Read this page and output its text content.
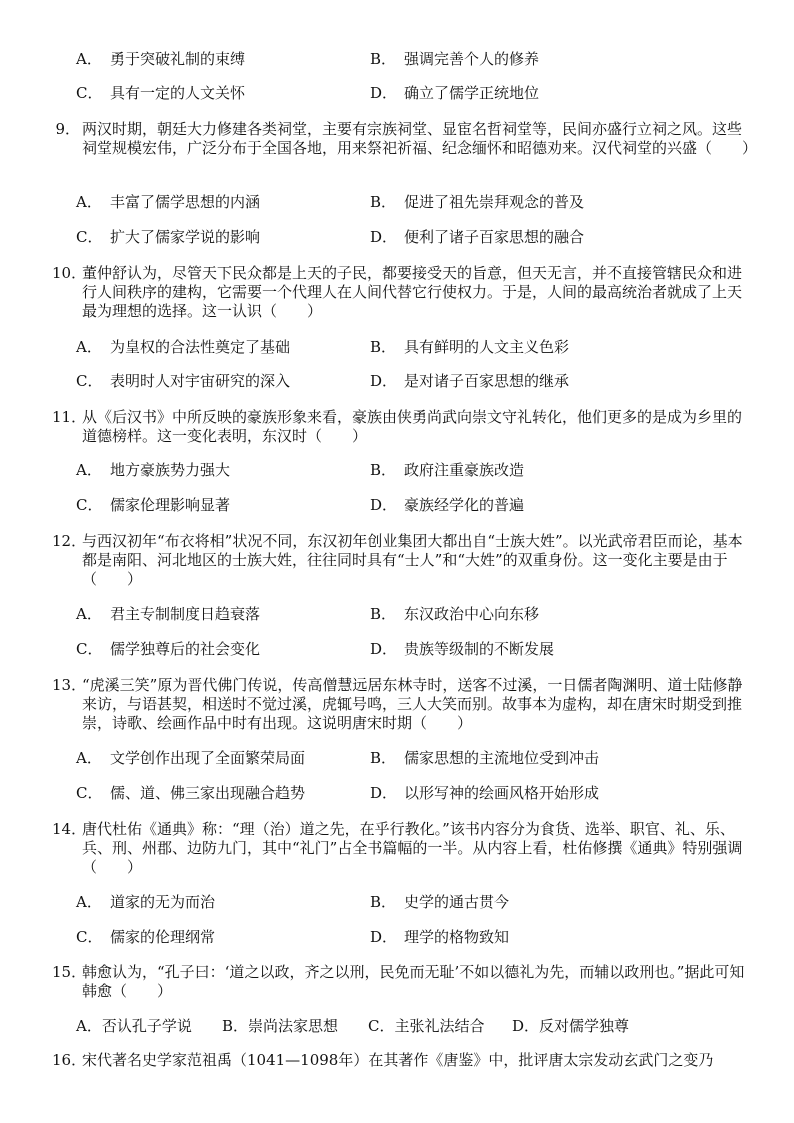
A． 勇于突破礼制的束缚	B． 强调完善个人的修养
C． 具有一定的人文关怀	D． 确立了儒学正统地位
9． 两汉时期，朝廷大力修建各类祠堂，主要有宗族祠堂、显宦名哲祠堂等，民间亦盛行立祠之风。这些祠堂规模宏伟，广泛分布于全国各地，用来祭祀祈福、纪念缅怀和昭德劝来。汉代祠堂的兴盛（　　）
A． 丰富了儒学思想的内涵	B． 促进了祖先崇拜观念的普及
C． 扩大了儒家学说的影响	D． 便利了诸子百家思想的融合
10．
董仲舒认为，尽管天下民众都是上天的子民，都要接受天的旨意，但天无言，并不直接管辖民众和进行人间秩序的建构，它需要一个代理人在人间代替它行使权力。于是，人间的最高统治者就成了上天最为理想的选择。这一认识（　　）
A． 为皇权的合法性奠定了基础	B． 具有鲜明的人文主义色彩
C． 表明时人对宇宙研究的深入	D． 是对诸子百家思想的继承
11．
从《后汉书》中所反映的豪族形象来看，豪族由侠勇尚武向崇文守礼转化，他们更多的是成为乡里的道德榜样。这一变化表明，东汉时（　　）
A． 地方豪族势力强大	B． 政府注重豪族改造
C． 儒家伦理影响显著	D． 豪族经学化的普遍
12．
与西汉初年“布衣将相”状况不同，东汉初年创业集团大都出自“士族大姓”。以光武帝君臣而论，基本都是南阳、河北地区的士族大姓，往往同时具有“士人”和“大姓”的双重身份。这一变化主要是由于（　　）
A． 君主专制制度日趋衰落	B． 东汉政治中心向东移
C． 儒学独尊后的社会变化	D． 贵族等级制的不断发展
13．
“虎溪三笑”原为晋代佛门传说，传高僧慧远居东林寺时，送客不过溪，一日儒者陶渊明、道士陆修静来访，与语甚契，相送时不觉过溪，虎辄号鸣，三人大笑而别。故事本为虚构，却在唐宋时期受到推崇，诗歌、绘画作品中时有出现。这说明唐宋时期（　　）
A． 文学创作出现了全面繁荣局面	B． 儒家思想的主流地位受到冲击
C． 儒、道、佛三家出现融合趋势	D． 以形写神的绘画风格开始形成
14．
唐代杜佑《通典》称：“理（治）道之先，在乎行教化。”该书内容分为食货、选举、职官、礼、乐、兵、刑、州郡、边防九门，其中“礼门”占全书篇幅的一半。从内容上看，杜佑修撰《通典》特别强调（　　）
A． 道家的无为而治	B． 史学的通古贯今
C． 儒家的伦理纲常	D． 理学的格物致知
15．
韩愈认为，“孔子曰：‘道之以政，齐之以刑，民免而无耻’不如以德礼为先，而辅以政刑也。”据此可知韩愈（　　）
A．否认孔子学说 B．崇尚法家思想 C．主张礼法结合 D．反对儒学独尊
16．
宋代著名史学家范祖禹（1041—1098年）在其著作《唐鉴》中，批评唐太宗发动玄武门之变乃
